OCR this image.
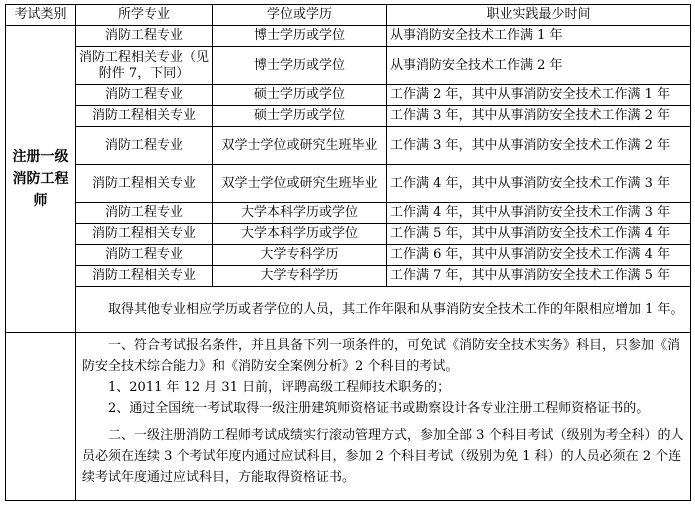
考试类别	所学专业	学位或学历	职业实践最少时间
注册一级消防工程师	消防工程专业	博士学历或学位	从事消防安全技术工作满 1 年
	消防工程相关专业（见附件 7，下同）	博士学历或学位	从事消防安全技术工作满 2 年
	消防工程专业	硕士学历或学位	工作满 2 年，其中从事消防安全技术工作满 1 年
	消防工程相关专业	硕士学历或学位	工作满 3 年，其中从事消防安全技术工作满 2 年
	消防工程专业	双学士学位或研究生班毕业	工作满 3 年，其中从事消防安全技术工作满 2 年
	消防工程相关专业	双学士学位或研究生班毕业	工作满 4 年，其中从事消防安全技术工作满 3 年
	消防工程专业	大学本科学历或学位	工作满 4 年，其中从事消防安全技术工作满 3 年
	消防工程相关专业	大学本科学历或学位	工作满 5 年，其中从事消防安全技术工作满 4 年
	消防工程专业	大学专科学历	工作满 6 年，其中从事消防安全技术工作满 4 年
	消防工程相关专业	大学专科学历	工作满 7 年，其中从事消防安全技术工作满 5 年

	取得其他专业相应学历或者学位的人员，其工作年限和从事消防安全技术工作的年限相应增加 1 年。		

	一、符合考试报名条件，并且具备下列一项条件的，可免试《消防安全技术实务》科目，只参加《消防安全技术综合能力》和《消防安全案例分析》2 个科目的考试。

1、2011 年 12 月 31 日前，评聘高级工程师技术职务的；

2、通过全国统一考试取得一级注册建筑师资格证书或勘察设计各专业注册工程师资格证书的。

二、一级注册消防工程师考试成绩实行滚动管理方式，参加全部 3 个科目考试（级别为考全科）的人员必须在连续 3 个考试年度内通过应试科目，参加 2 个科目考试（级别为免 1 科）的人员必须在 2 个连续考试年度通过应试科目，方能取得资格证书。		
